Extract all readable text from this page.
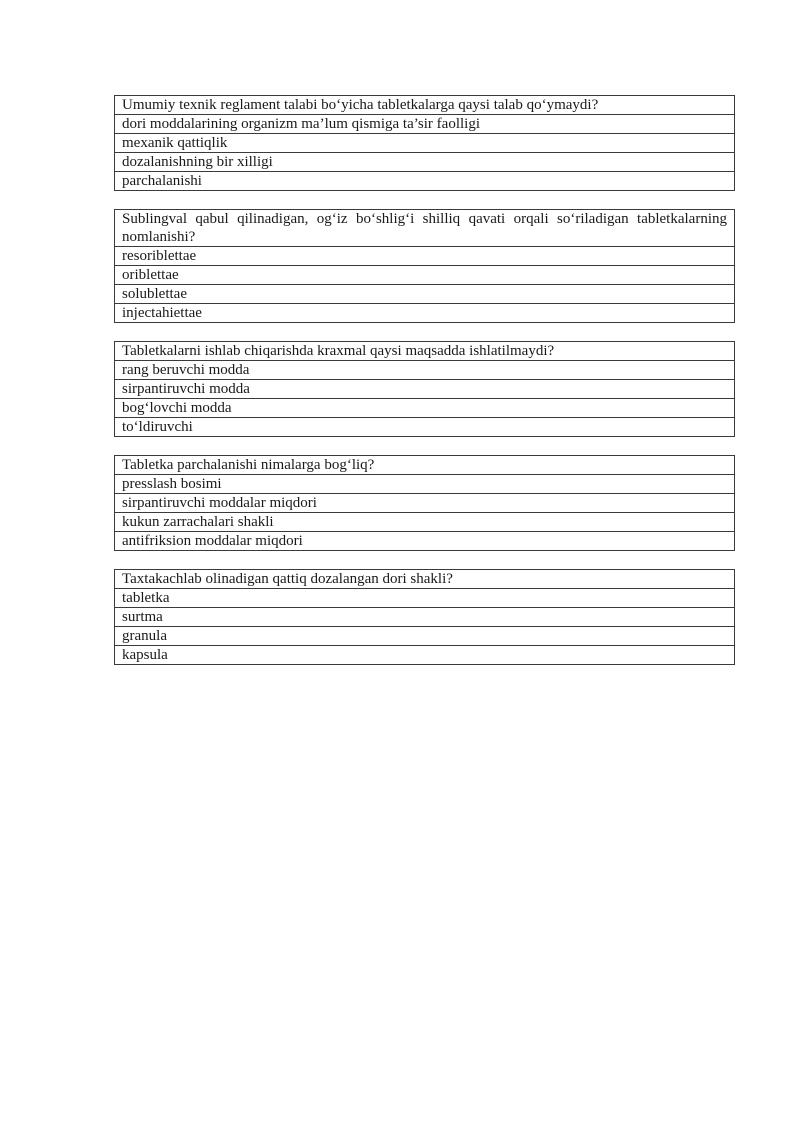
Umumiy texnik reglament talabi bo‘yicha tabletkalarga qaysi talab qo‘ymaydi?
dori moddalarining organizm ma’lum qismiga ta’sir faolligi
mexanik qattiqlik
dozalanishning bir xilligi
parchalanishi
Sublingval qabul qilinadigan, og‘iz bo‘shlig‘i shilliq qavati orqali so‘riladigan tabletkalarning nomlanishi?
resoriblettae
oriblettae
solublettae
injectahiettae
Tabletkalarni ishlab chiqarishda kraxmal qaysi maqsadda ishlatilmaydi?
rang beruvchi modda
sirpantiruvchi modda
bog‘lovchi modda
to‘ldiruvchi
Tabletka parchalanishi nimalarga bog‘liq?
presslash bosimi
sirpantiruvchi moddalar miqdori
kukun zarrachalari shakli
antifriksion moddalar miqdori
Taxtakachlab olinadigan qattiq dozalangan dori shakli?
tabletka
surtma
granula
kapsula
